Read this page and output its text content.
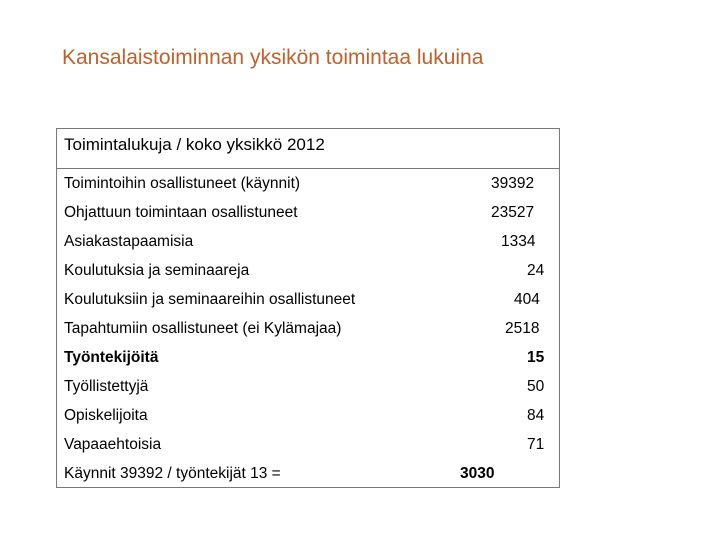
Kansalaistoiminnan yksikön toimintaa lukuina
Toimintalukuja / koko yksikkö 2012
Toimintoihin osallistuneet (käynnit)	39392
Ohjattuun toimintaan osallistuneet	23527
Asiakastapaamisia	1334
Koulutuksia ja seminaareja	24
Koulutuksiin ja seminaareihin osallistuneet	404
Tapahtumiin osallistuneet (ei Kylämajaa)	2518
Työntekijöitä	15
Työllistettyjä	50
Opiskelijoita	84
Vapaaehtoisia	71
Käynnit 39392 / työntekijät 13 =	3030
